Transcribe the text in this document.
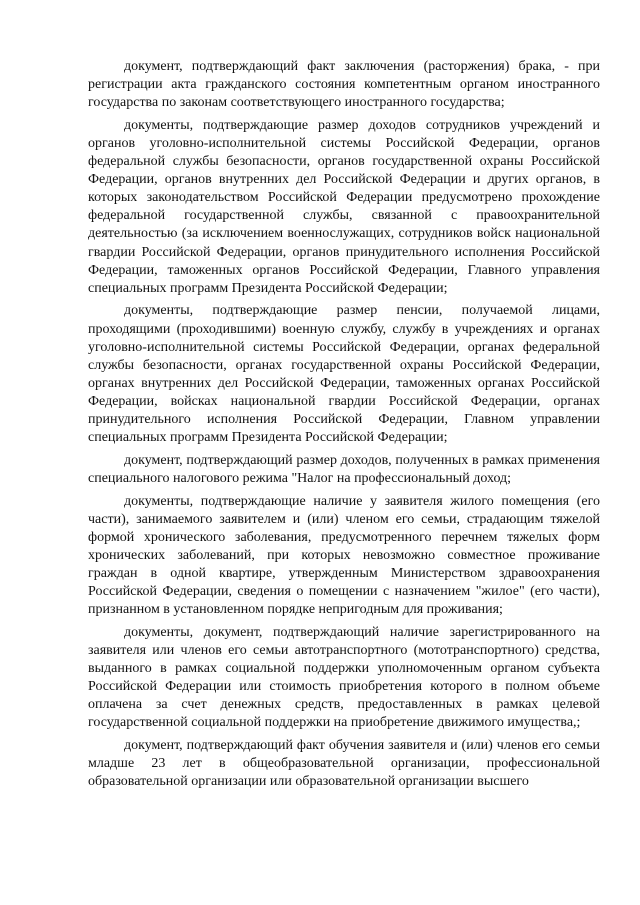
документ, подтверждающий факт заключения (расторжения) брака, - при регистрации акта гражданского состояния компетентным органом иностранного государства по законам соответствующего иностранного государства;

документы, подтверждающие размер доходов сотрудников учреждений и органов уголовно-исполнительной системы Российской Федерации, органов федеральной службы безопасности, органов государственной охраны Российской Федерации, органов внутренних дел Российской Федерации и других органов, в которых законодательством Российской Федерации предусмотрено прохождение федеральной государственной службы, связанной с правоохранительной деятельностью (за исключением военнослужащих, сотрудников войск национальной гвардии Российской Федерации, органов принудительного исполнения Российской Федерации, таможенных органов Российской Федерации, Главного управления специальных программ Президента Российской Федерации;

документы, подтверждающие размер пенсии, получаемой лицами, проходящими (проходившими) военную службу, службу в учреждениях и органах уголовно-исполнительной системы Российской Федерации, органах федеральной службы безопасности, органах государственной охраны Российской Федерации, органах внутренних дел Российской Федерации, таможенных органах Российской Федерации, войсках национальной гвардии Российской Федерации, органах принудительного исполнения Российской Федерации, Главном управлении специальных программ Президента Российской Федерации;

документ, подтверждающий размер доходов, полученных в рамках применения специального налогового режима "Налог на профессиональный доход;

документы, подтверждающие наличие у заявителя жилого помещения (его части), занимаемого заявителем и (или) членом его семьи, страдающим тяжелой формой хронического заболевания, предусмотренного перечнем тяжелых форм хронических заболеваний, при которых невозможно совместное проживание граждан в одной квартире, утвержденным Министерством здравоохранения Российской Федерации, сведения о помещении с назначением "жилое" (его части), признанном в установленном порядке непригодным для проживания;

документы, документ, подтверждающий наличие зарегистрированного на заявителя или членов его семьи автотранспортного (мототранспортного) средства, выданного в рамках социальной поддержки уполномоченным органом субъекта Российской Федерации или стоимость приобретения которого в полном объеме оплачена за счет денежных средств, предоставленных в рамках целевой государственной социальной поддержки на приобретение движимого имущества,;

документ, подтверждающий факт обучения заявителя и (или) членов его семьи младше 23 лет в общеобразовательной организации, профессиональной образовательной организации или образовательной организации высшего
